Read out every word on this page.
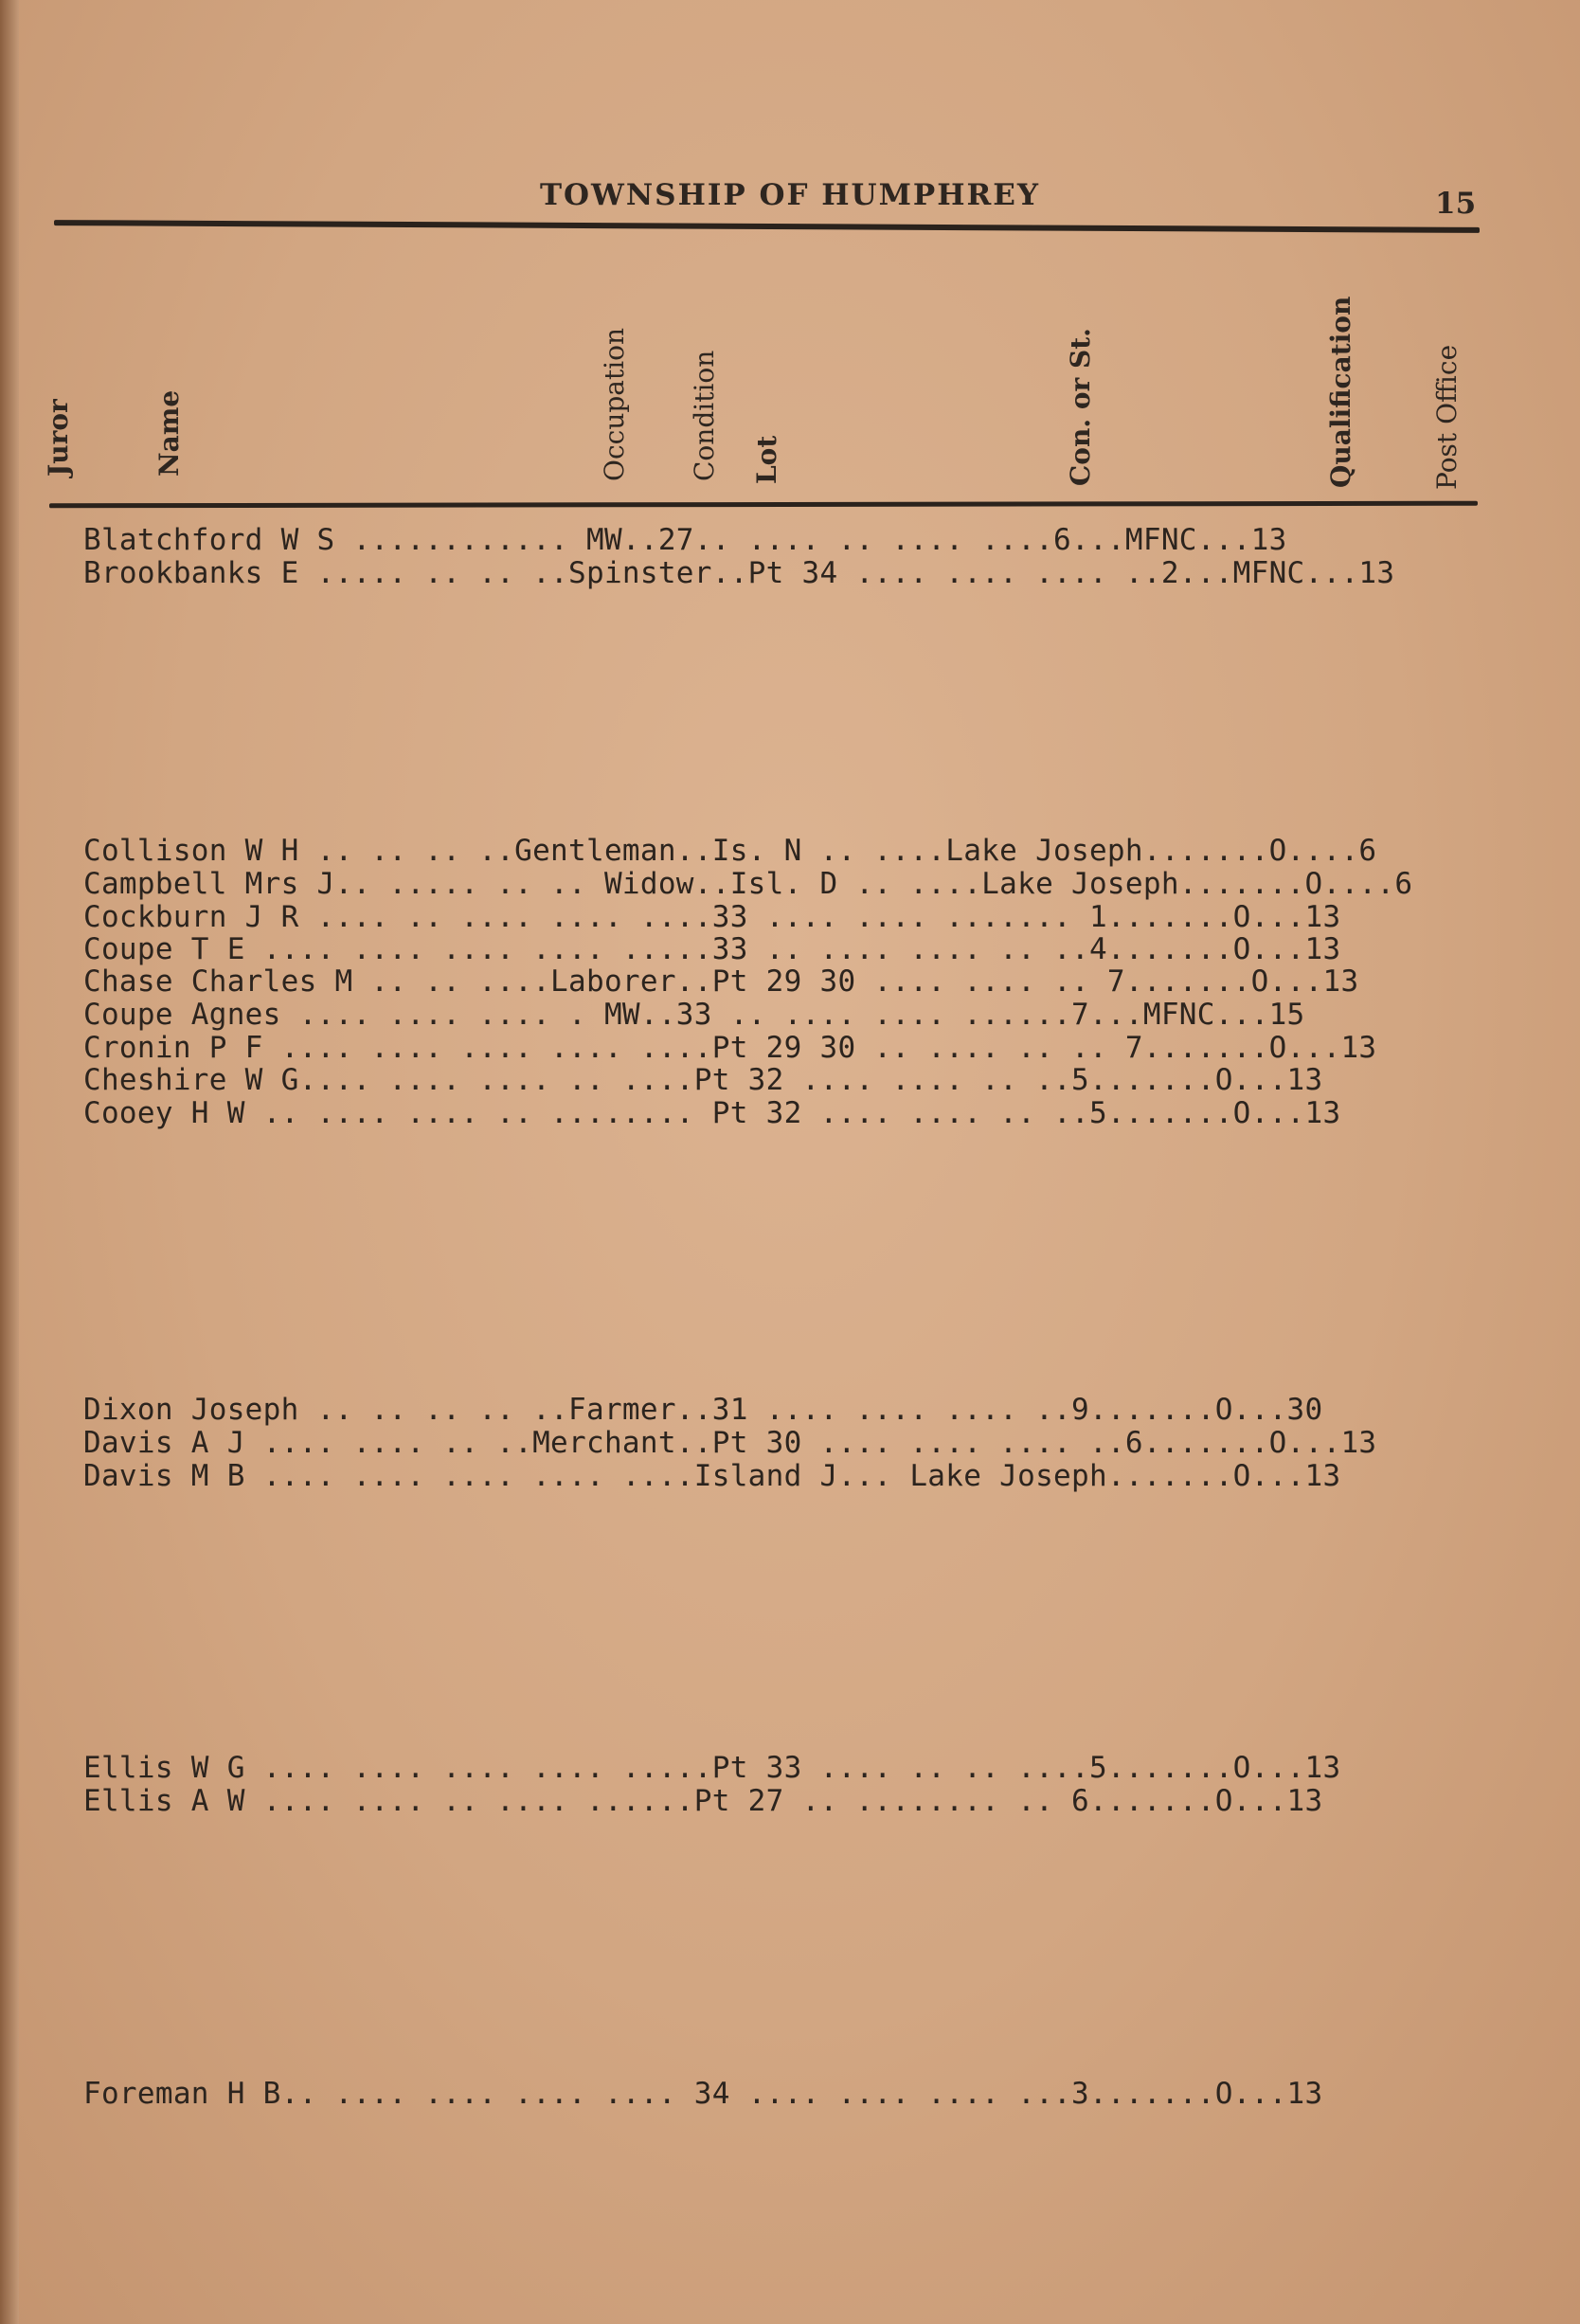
TOWNSHIP OF HUMPHREY	15
Juror	Name	Occupation Condition Lot	Con. or St.	Qualification	Post Office
Blatchford W S ............ MW..27.. .... .. .... ....6...MFNC...13
Brookbanks E ..... .. .. ..Spinster..Pt 34 .... .... .... ..2...MFNC...13
Collison W H .. .. .. ..Gentleman..Is. N .. ....Lake Joseph.......O....6
Campbell Mrs J.. ..... .. .. Widow..Isl. D .. ....Lake Joseph.......O....6
Cockburn J R .... .. .... .... ....33 .... .... ....... 1.......O...13
Coupe T E .... .... .... .... .....33 .. .... .... .. ..4.......O...13
Chase Charles M .. .. ....Laborer..Pt 29 30 .... .... .. 7.......O...13
Coupe Agnes .... .... .... . MW..33 .. .... .... ......7...MFNC...15
Cronin P F .... .... .... .... ....Pt 29 30 .. .... .. .. 7.......O...13
Cheshire W G.... .... .... .. ....Pt 32 .... .... .. ..5.......O...13
Cooey H W .. .... .... .. ........ Pt 32 .... .... .. ..5.......O...13
Dixon Joseph .. .. .. .. ..Farmer..31 .... .... .... ..9.......O...30
Davis A J .... .... .. ..Merchant..Pt 30 .... .... .... ..6.......O...13
Davis M B .... .... .... .... ....Island J... Lake Joseph.......O...13
Ellis W G .... .... .... .... .....Pt 33 .... .. .. ....5.......O...13
Ellis A W .... .... .. .... ......Pt 27 .. ........ .. 6.......O...13
Foreman H B.. .... .... .... .... 34 .... .... .... ...3.......O...13
